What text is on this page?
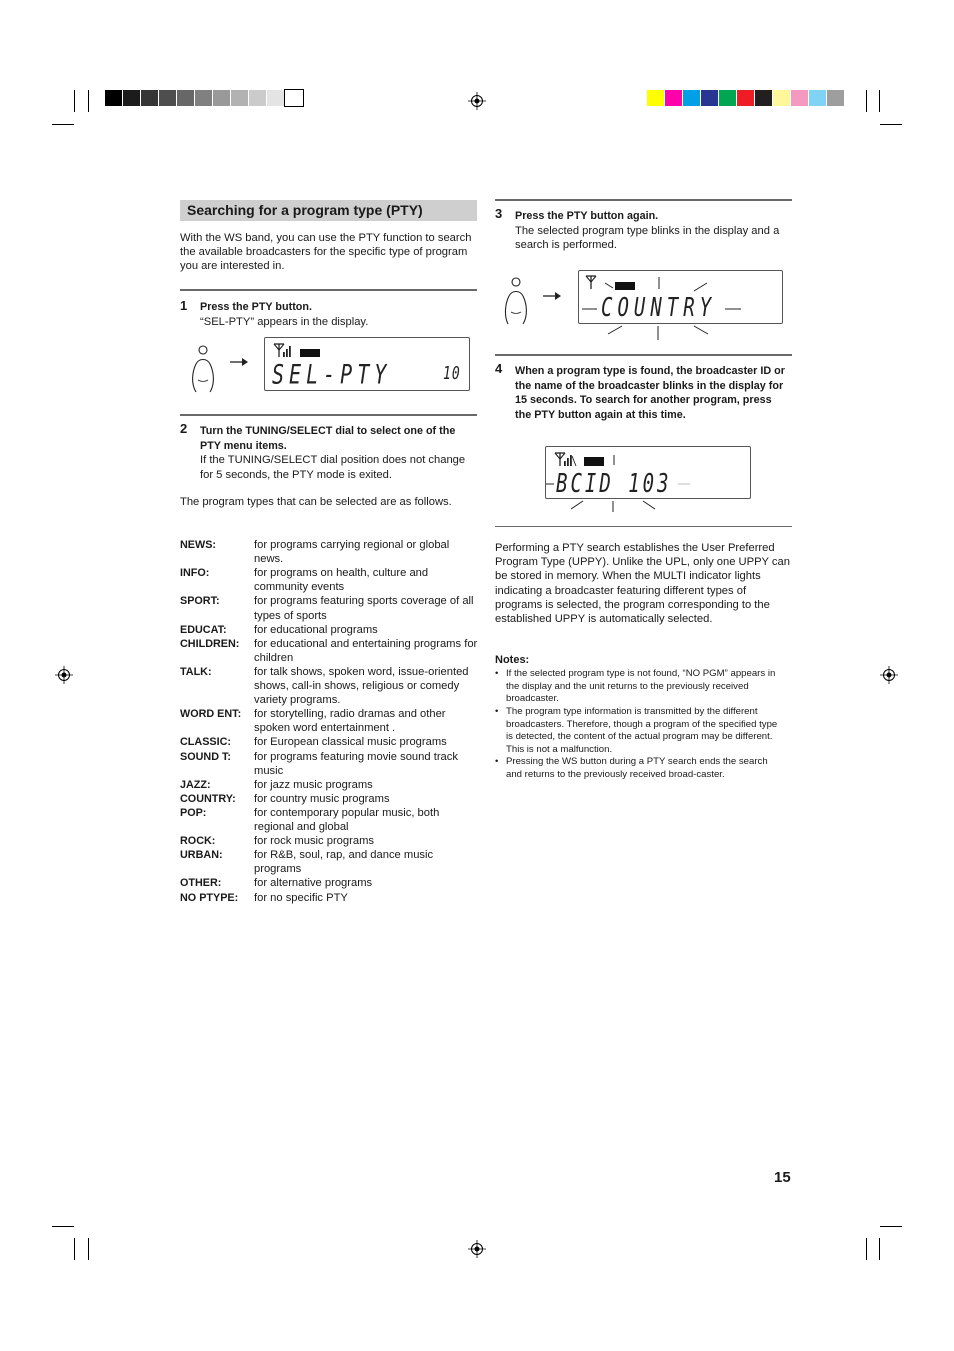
Searching for a program type (PTY)
With the WS band, you can use the PTY function to search the available broadcasters for the specific type of program you are interested in.
1 Press the PTY button.
“SEL-PTY” appears in the display.
SEL-PTY	10
2 Turn the TUNING/SELECT dial to select one of the PTY menu items.
If the TUNING/SELECT dial position does not change for 5 seconds, the PTY mode is exited.
The program types that can be selected are as follows.
NEWS:	for programs carrying regional or global news.
INFO:	for programs on health, culture and community events
SPORT:	for programs featuring sports coverage of all types of sports
EDUCAT: for educational programs
CHILDREN: for educational and entertaining programs for children
TALK:	for talk shows, spoken word, issue-oriented shows, call-in shows, religious or comedy variety programs.
WORD ENT: for storytelling, radio dramas and other spoken word entertainment .
CLASSIC: for European classical music programs
SOUND T: for programs featuring movie sound track music
JAZZ:	for jazz music programs
COUNTRY: for country music programs
POP:	for contemporary popular music, both regional and global
ROCK:	for rock music programs
URBAN:	for R&B, soul, rap, and dance music programs
OTHER:	for alternative programs
NO PTYPE: for no specific PTY
3 Press the PTY button again.
The selected program type blinks in the display and a search is performed.
COUNTRY
4 When a program type is found, the broadcaster ID or the name of the broadcaster blinks in the display for 15 seconds. To search for another program, press the PTY button again at this time.
BCID 103
Performing a PTY search establishes the User Preferred Program Type (UPPY). Unlike the UPL, only one UPPY can be stored in memory. When the MULTI indicator lights indicating a broadcaster featuring different types of programs is selected, the program corresponding to the established UPPY is automatically selected.
Notes:
• If the selected program type is not found, “NO PGM” appears in the display and the unit returns to the previously received broadcaster.
• The program type information is transmitted by the different broadcasters. Therefore, though a program of the specified type is detected, the content of the actual program may be different. This is not a malfunction.
• Pressing the WS button during a PTY search ends the search and returns to the previously received broad-caster.
15
